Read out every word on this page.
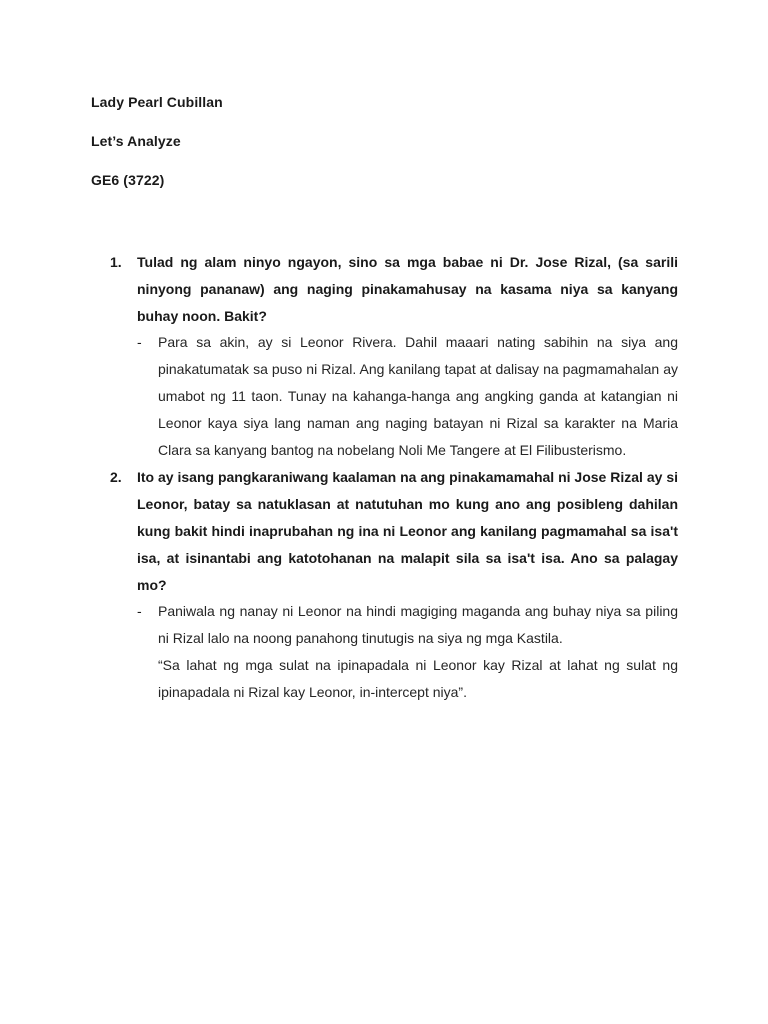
Lady Pearl Cubillan
Let’s Analyze
GE6 (3722)
1. Tulad ng alam ninyo ngayon, sino sa mga babae ni Dr. Jose Rizal, (sa sarili ninyong pananaw) ang naging pinakamahusay na kasama niya sa kanyang buhay noon. Bakit?
- Para sa akin, ay si Leonor Rivera. Dahil maaari nating sabihin na siya ang pinakatumatak sa puso ni Rizal. Ang kanilang tapat at dalisay na pagmamahalan ay umabot ng 11 taon. Tunay na kahanga-hanga ang angking ganda at katangian ni Leonor kaya siya lang naman ang naging batayan ni Rizal sa karakter na Maria Clara sa kanyang bantog na nobelang Noli Me Tangere at El Filibusterismo.
2. Ito ay isang pangkaraniwang kaalaman na ang pinakamamahal ni Jose Rizal ay si Leonor, batay sa natuklasan at natutuhan mo kung ano ang posibleng dahilan kung bakit hindi inaprubahan ng ina ni Leonor ang kanilang pagmamahal sa isa't isa, at isinantabi ang katotohanan na malapit sila sa isa't isa. Ano sa palagay mo?
- Paniwala ng nanay ni Leonor na hindi magiging maganda ang buhay niya sa piling ni Rizal lalo na noong panahong tinutugis na siya ng mga Kastila.

“Sa lahat ng mga sulat na ipinapadala ni Leonor kay Rizal at lahat ng sulat ng ipinapadala ni Rizal kay Leonor, in-intercept niya”.
